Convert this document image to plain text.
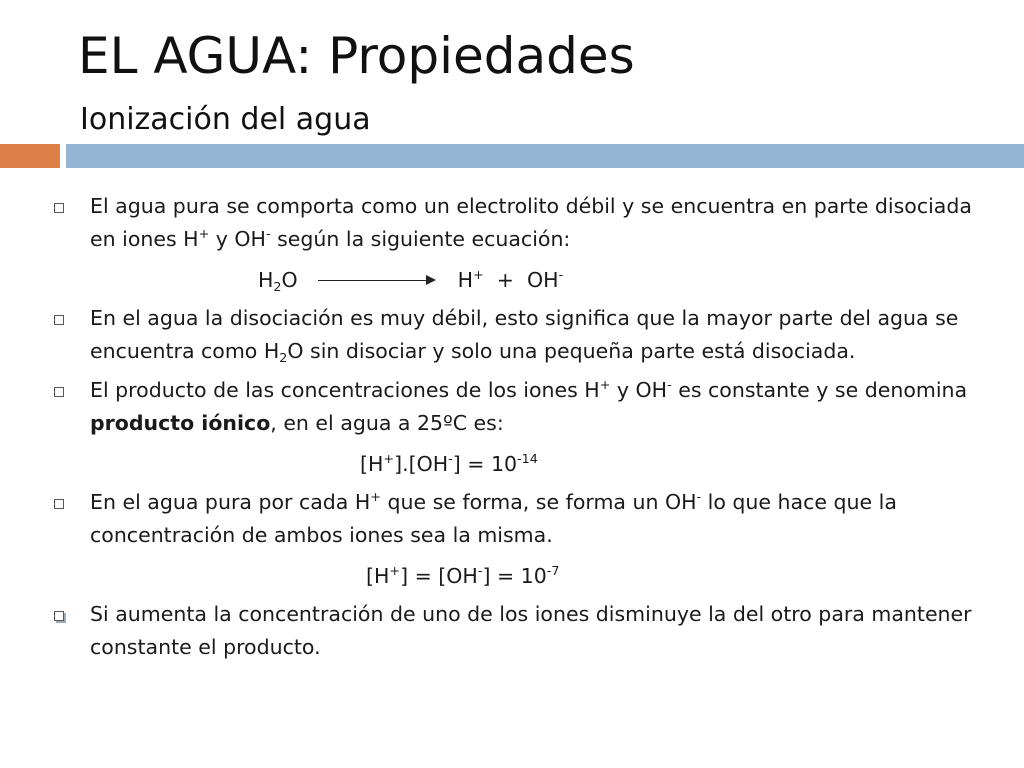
EL AGUA: Propiedades
Ionización del agua
El agua pura se comporta como un electrolito débil y se encuentra en parte disociada en iones H+ y OH- según la siguiente ecuación:
$H_2O$	H+ + OH-
En el agua la disociación es muy débil, esto significa que la mayor parte del agua se encuentra como $H_2O$ sin disociar y solo una pequeña parte está disociada.
El producto de las concentraciones de los iones H+ y OH- es constante y se denomina producto iónico, en el agua a 25ºC es:
$[H^+].[OH^-] = 10^{-14}$
En el agua pura por cada H+ que se forma, se forma un OH- lo que hace que la concentración de ambos iones sea la misma.
$[H^+] = [OH^-] = 10^{-7}$
Si aumenta la concentración de uno de los iones disminuye la del otro para mantener constante el producto.
